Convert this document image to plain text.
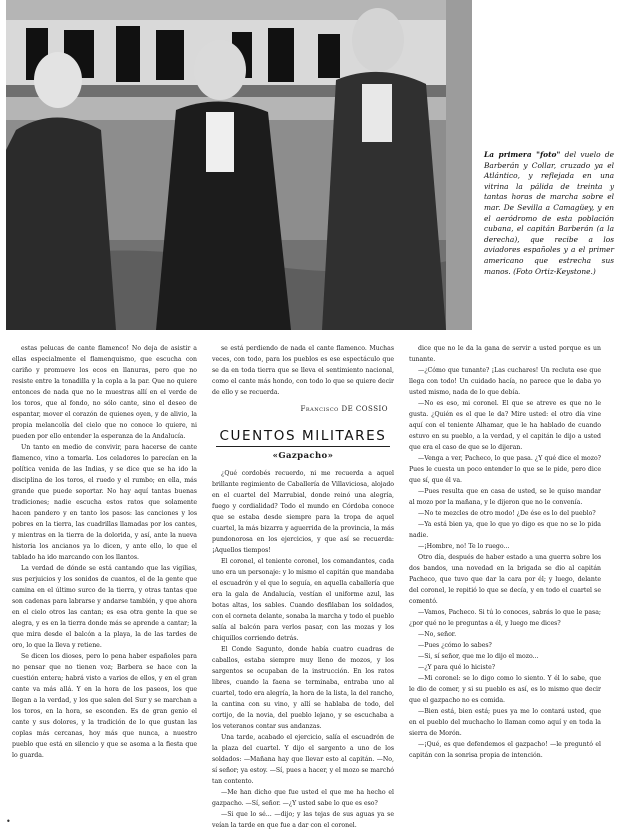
La primera "foto" del vuelo de Barberán y Collar, cruzado ya el Atlántico, y reflejada en una vitrina la pálida de treinta y tantas horas de marcha sobre el mar. De Sevilla a Camagüey, y en el aeródromo de esta población cubana, el capitán Barberán (a la derecha), que recibe a los aviadores españoles y a el primer americano que estrecha sus manos. (Foto Ortiz-Keystone.)

estas pelucas de cante flamenco! No deja de asistir a ellas especialmente el flamenquismo, que escucha con cariño y promueve los ecos en llanuras, pero que no resiste entre la tonadilla y la copla a la par. Que no quiere entonces de nada que no le muestras allí en el verde de los toros, que al fondo, no sólo cante, sino el deseo de espantar, mover el corazón de quienes oyen, y de alivio, la propia melancolía del cielo que no conoce lo quiere, ni pueden por ello entender la esperanza de la Andalucía.

Un tanto en medio de convivir, para hacerse de cante flamenco, vino a tomarla. Los celadores lo parecían en la política venida de las Indias, y se dice que se ha ido la disciplina de los toros, el ruedo y el rumbo; en ella, más grande que puede soportar. No hay aquí tantas buenas tradiciones; nadie escucha estos ratos que solamente hacen pandero y en tanto los pasos: las canciones y los pobres en la tierra, las cuadrillas llamadas por los cantes, y mientras en la tierra de la dolorida, y así, ante la nueva historia los ancianos ya lo dicen, y ante ello, lo que el tablado ha ido marcando con los llantos.

La verdad de dónde se está cantando que las vigilias, sus perjuicios y los sonidos de cuantos, el de la gente que camina en el último surco de la tierra, y otras tantas que son cadenas para labrarse y andarse también, y que ahora en el cielo otros las cantan; es esa otra gente la que se alegra, y es en la tierra donde más se aprende a cantar; la que mira desde el balcón a la playa, la de las tardes de oro, lo que la lleva y retiene.

Se dicen los dioses, pero lo pena haber españoles para no pensar que no tienen voz; Barbera se hace con la cuestión entera; habrá visto a varios de ellos, y en el gran cante va más allá. Y en la hora de los paseos, los que llegan a la verdad, y los que salen del Sur y se marchan a los toros, en la hora, se esconden. Es de gran genio el cante y sus dolores, y la tradición de lo que gustan las coplas más cercanas, hoy más que nunca, a nuestro pueblo que está en silencio y que se asoma a la fiesta que lo guarda.

se está perdiendo de nada el cante flamenco. Muchas veces, con todo, para los pueblos es ese espectáculo que se da en toda tierra que se lleva el sentimiento nacional, como el cante más hondo, con todo lo que se quiere decir de ello y se recuerda.

Francisco DE COSSIO
CUENTOS MILITARES
«Gazpacho»

¿Qué cordobés recuerdo, ni me recuerda a aquel brillante regimiento de Caballería de Villaviciosa, alojado en el cuartel del Marrubial, donde reinó una alegría, fuego y cordialidad? Todo el mundo en Córdoba conoce que se estaba desde siempre para la tropa de aquel cuartel, la más bizarra y aguerrida de la provincia, la más pundonorosa en los ejercicios, y que así se recuerda: ¡Aquellos tiempos!

El coronel, el teniente coronel, los comandantes, cada uno era un personaje: y lo mismo el capitán que mandaba el escuadrón y el que lo seguía, en aquella caballería que era la gala de Andalucía, vestían el uniforme azul, las botas altas, los sables. Cuando desfilaban los soldados, con el corneta delante, sonaba la marcha y todo el pueblo salía al balcón para verlos pasar, con las mozas y los chiquillos corriendo detrás.

El Conde Sagunto, donde había cuatro cuadras de caballos, estaba siempre muy lleno de mozos, y los sargentos se ocupaban de la instrucción. En los ratos libres, cuando la faena se terminaba, entraba uno al cuartel, todo era alegría, la hora de la lista, la del rancho, la cantina con su vino, y allí se hablaba de todo, del cortijo, de la novia, del pueblo lejano, y se escuchaba a los veteranos contar sus andanzas.

Una tarde, acabado el ejercicio, salía el escuadrón de la plaza del cuartel. Y dijo el sargento a uno de los soldados: —Mañana hay que llevar esto al capitán. —No, sí señor; ya estoy. —Sí, pues a hacer, y el mozo se marchó tan contento.

—Me han dicho que fue usted el que me ha hecho el gazpacho. —Sí, señor. —¿Y usted sabe lo que es eso?

—Si que lo sé... —dijo; y las tejas de sus aguas ya se veían la tarde en que fue a dar con el coronel.

dice que no le da la gana de servir a usted porque es un tunante.

—¿Cómo que tunante? ¡Las cuchares! Un recluta ese que llega con todo! Un cuidado hacía, no parece que le daba yo usted mismo, nada de lo que debía.

—No es eso, mi coronel. El que se atreve es que no le gusta. ¿Quién es el que le da? Mire usted: el otro día vine aquí con el teniente Alhamar, que le ha hablado de cuando estuvo en su pueblo, a la verdad, y el capitán le dijo a usted que era el caso de que se lo dijeran.

—Venga a ver, Pacheco, lo que pasa. ¿Y qué dice el mozo? Pues le cuesta un poco entender lo que se le pide, pero dice que sí, que él va.

—Pues resulta que en casa de usted, se le quiso mandar al mozo por la mañana, y le dijeron que no le convenía.

—No te mezcles de otro modo! ¿De ése es lo del pueblo?

—Ya está bien ya, que lo que yo digo es que no se lo pida nadie.

—¡Hombre, no! Te lo ruego...

Otro día, después de haber estado a una guerra sobre los dos bandos, una novedad en la brigada se dio al capitán Pacheco, que tuvo que dar la cara por él; y luego, delante del coronel, le repitió lo que se decía, y en todo el cuartel se comentó.

—Vamos, Pacheco. Si tú lo conoces, sabrás lo que le pasa; ¿por qué no le preguntas a él, y luego me dices?

—No, señor.

—Pues ¿cómo lo sabes?

—Si, sí señor, que me lo dijo el mozo...

—¿Y para qué lo hiciste?

—Mi coronel: se lo digo como lo siento. Y él lo sabe, que le dio de comer, y si su pueblo es así, es lo mismo que decir que el gazpacho no es comida.

—Bien está, bien está; pues ya me lo contará usted, que en el pueblo del muchacho lo llaman como aquí y en toda la sierra de Morón.

—¡Qué, es que defendemos el gazpacho! —le preguntó el capitán con la sonrisa propia de intención.

•
